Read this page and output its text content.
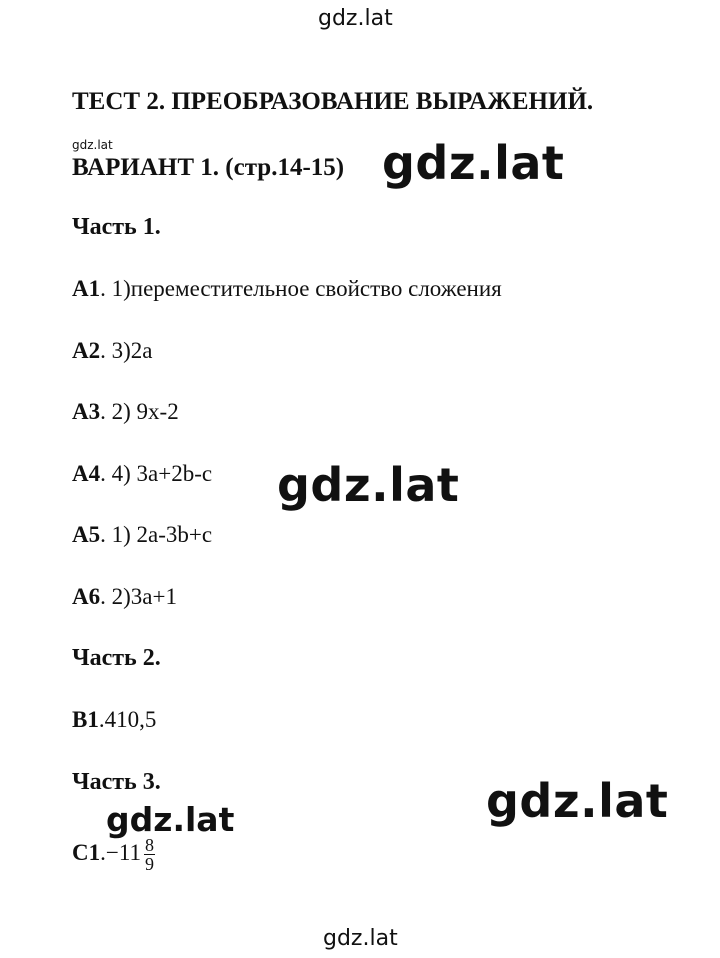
gdz.lat
gdz.lat
ТЕСТ 2. ПРЕОБРАЗОВАНИЕ ВЫРАЖЕНИЙ.
ВАРИАНТ 1. (стр.14-15) gdz.lat
Часть 1.
А1. 1)переместительное свойство сложения
А2. 3)2а
А3. 2) 9х-2
А4. 4) 3а+2b-c gdz.lat
А5. 1) 2а-3b+c
А6. 2)3а+1
Часть 2.
В1.410,5
Часть 3.	gdz.lat
gdz.lat
$С1.-11 \frac{8}{9}$
gdz.lat
